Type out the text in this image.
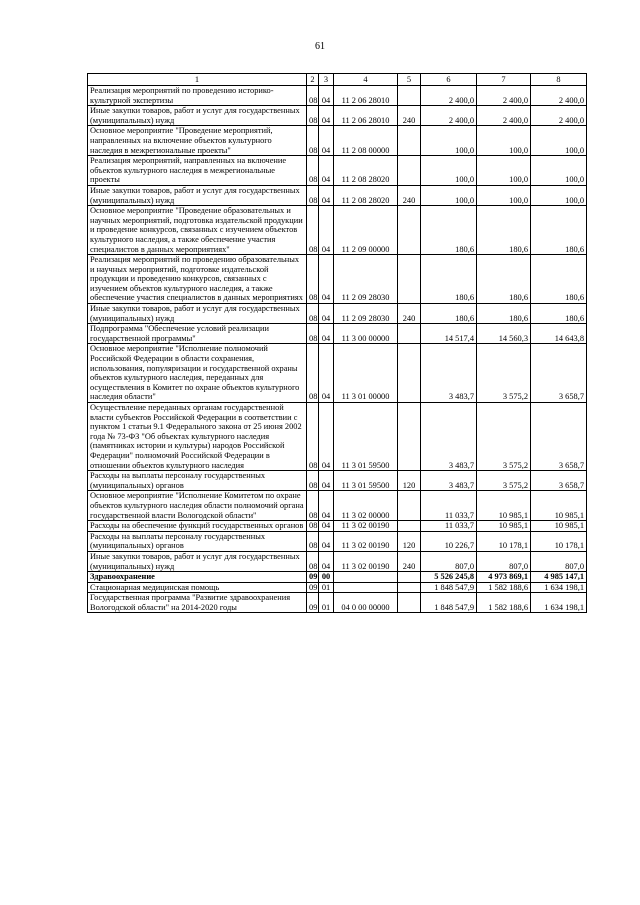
61
1	2	3	4	5	6	7	8
Реализация мероприятий по проведению историко-культурной экспертизы	08	04	11 2 06 28010		2 400,0	2 400,0	2 400,0
Иные закупки товаров, работ и услуг для государственных (муниципальных) нужд	08	04	11 2 06 28010	240	2 400,0	2 400,0	2 400,0
Основное мероприятие "Проведение мероприятий, направленных на включение объектов культурного наследия в межрегиональные проекты"	08	04	11 2 08 00000		100,0	100,0	100,0
Реализация мероприятий, направленных на включение объектов культурного наследия в межрегиональные проекты	08	04	11 2 08 28020		100,0	100,0	100,0
Иные закупки товаров, работ и услуг для государственных (муниципальных) нужд	08	04	11 2 08 28020	240	100,0	100,0	100,0
Основное мероприятие "Проведение образовательных и научных мероприятий, подготовка издательской продукции и проведение конкурсов, связанных с изучением объектов культурного наследия, а также обеспечение участия специалистов в данных мероприятиях"	08	04	11 2 09 00000		180,6	180,6	180,6
Реализация мероприятий по проведению образовательных и научных мероприятий, подготовке издательской продукции и проведению конкурсов, связанных с изучением объектов культурного наследия, а также обеспечение участия специалистов в данных мероприятиях	08	04	11 2 09 28030		180,6	180,6	180,6
Иные закупки товаров, работ и услуг для государственных (муниципальных) нужд	08	04	11 2 09 28030	240	180,6	180,6	180,6
Подпрограмма "Обеспечение условий реализации государственной программы"	08	04	11 3 00 00000		14 517,4	14 560,3	14 643,8
Основное мероприятие "Исполнение полномочий Российской Федерации в области сохранения, использования, популяризации и государственной охраны объектов культурного наследия, переданных для осуществления в Комитет по охране объектов культурного наследия области"	08	04	11 3 01 00000		3 483,7	3 575,2	3 658,7
Осуществление переданных органам государственной власти субъектов Российской Федерации в соответствии с пунктом 1 статьи 9.1 Федерального закона от 25 июня 2002 года № 73-ФЗ "Об объектах культурного наследия (памятниках истории и культуры) народов Российской Федерации" полномочий Российской Федерации в отношении объектов культурного наследия	08	04	11 3 01 59500		3 483,7	3 575,2	3 658,7
Расходы на выплаты персоналу государственных (муниципальных) органов	08	04	11 3 01 59500	120	3 483,7	3 575,2	3 658,7
Основное мероприятие "Исполнение Комитетом по охране объектов культурного наследия области полномочий органа государственной власти Вологодской области"	08	04	11 3 02 00000		11 033,7	10 985,1	10 985,1
Расходы на обеспечение функций государственных органов	08	04	11 3 02 00190		11 033,7	10 985,1	10 985,1
Расходы на выплаты персоналу государственных (муниципальных) органов	08	04	11 3 02 00190	120	10 226,7	10 178,1	10 178,1
Иные закупки товаров, работ и услуг для государственных (муниципальных) нужд	08	04	11 3 02 00190	240	807,0	807,0	807,0
Здравоохранение	09	00			5 526 245,8	4 973 869,1	4 985 147,1
Стационарная медицинская помощь	09	01			1 848 547,9	1 582 188,6	1 634 198,1
Государственная программа "Развитие здравоохранения Вологодской области" на 2014-2020 годы	09	01	04 0 00 00000		1 848 547,9	1 582 188,6	1 634 198,1
